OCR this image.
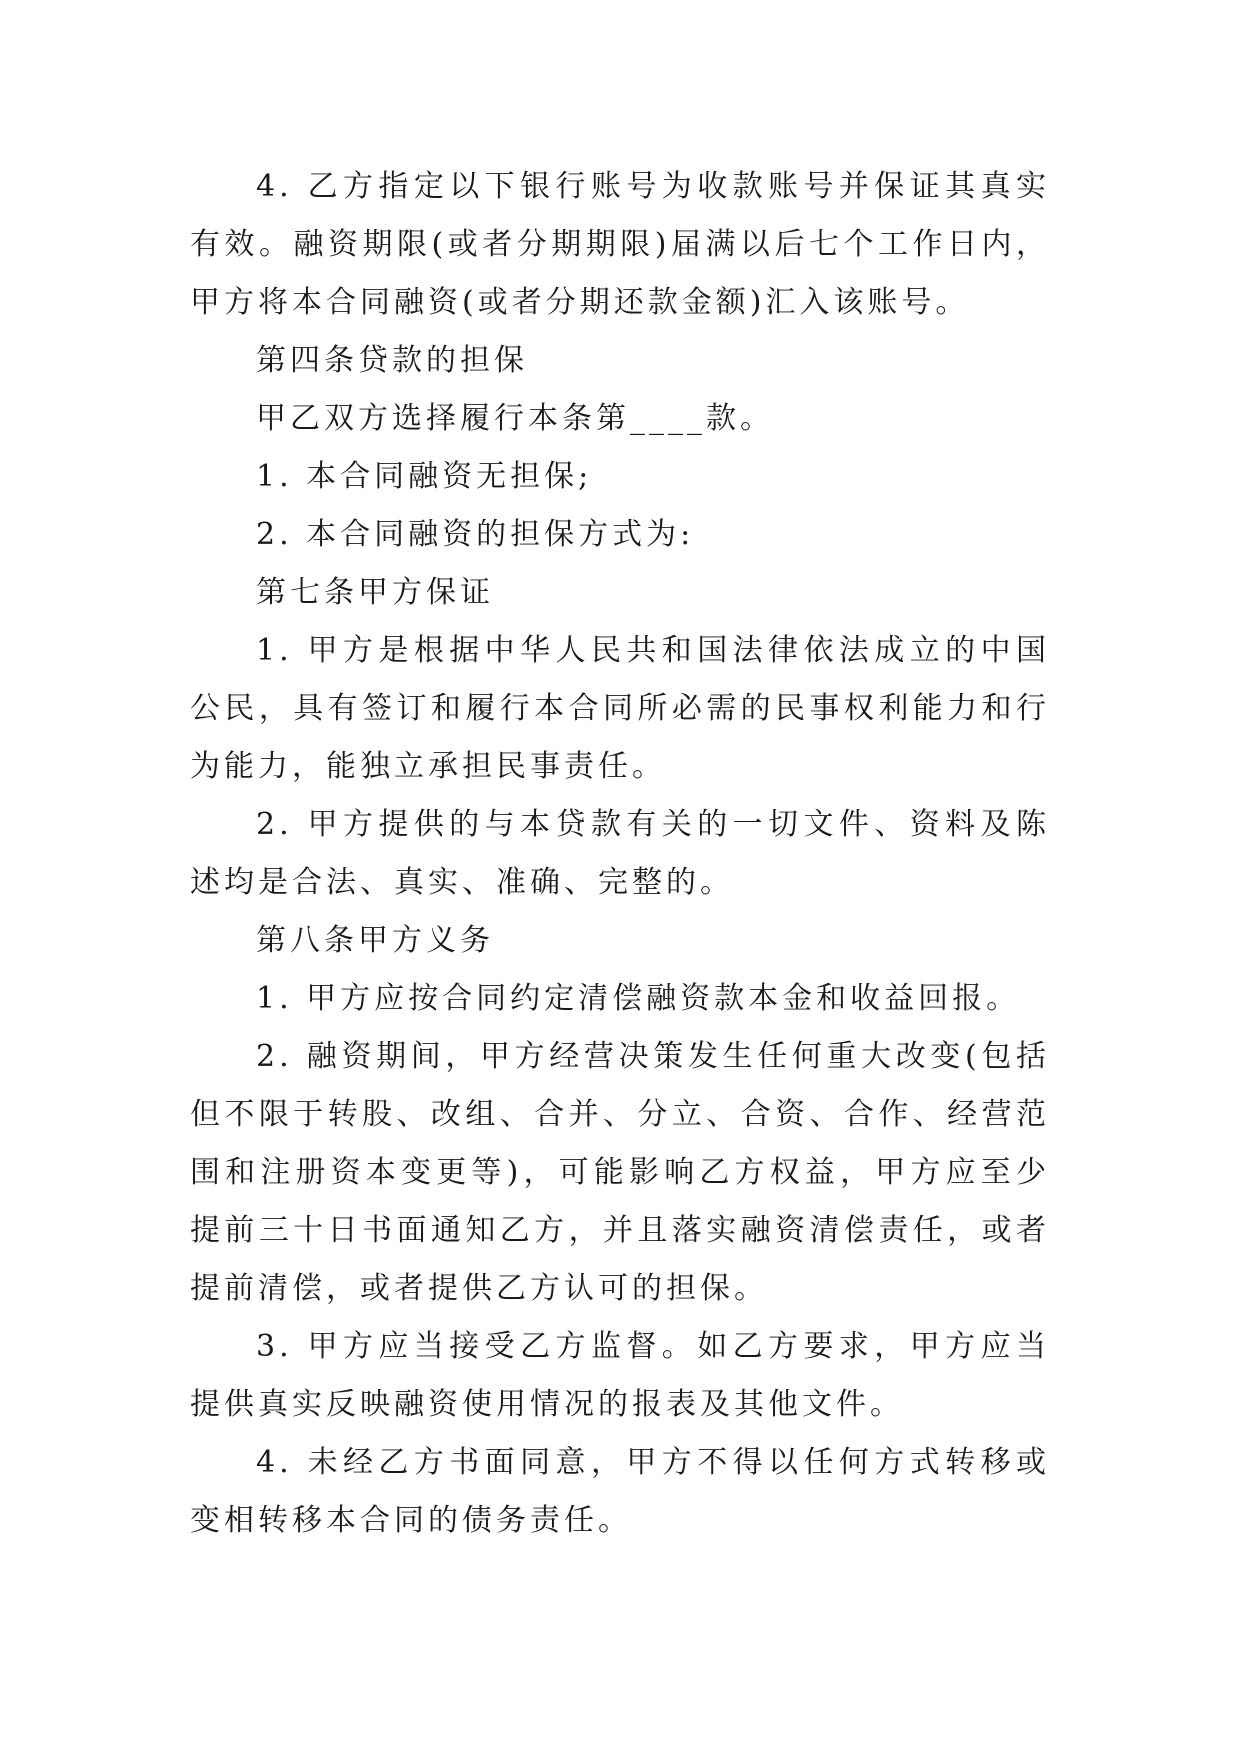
4. 乙方指定以下银行账号为收款账号并保证其真实有效。融资期限(或者分期期限)届满以后七个工作日内，甲方将本合同融资(或者分期还款金额)汇入该账号。

第四条贷款的担保

甲乙双方选择履行本条第____款。

1. 本合同融资无担保;

2. 本合同融资的担保方式为:

第七条甲方保证

1. 甲方是根据中华人民共和国法律依法成立的中国公民，具有签订和履行本合同所必需的民事权利能力和行为能力，能独立承担民事责任。

2. 甲方提供的与本贷款有关的一切文件、资料及陈述均是合法、真实、准确、完整的。

第八条甲方义务

1. 甲方应按合同约定清偿融资款本金和收益回报。

2. 融资期间，甲方经营决策发生任何重大改变(包括但不限于转股、改组、合并、分立、合资、合作、经营范围和注册资本变更等)，可能影响乙方权益，甲方应至少提前三十日书面通知乙方，并且落实融资清偿责任，或者提前清偿，或者提供乙方认可的担保。

3. 甲方应当接受乙方监督。如乙方要求，甲方应当提供真实反映融资使用情况的报表及其他文件。

4. 未经乙方书面同意，甲方不得以任何方式转移或变相转移本合同的债务责任。
